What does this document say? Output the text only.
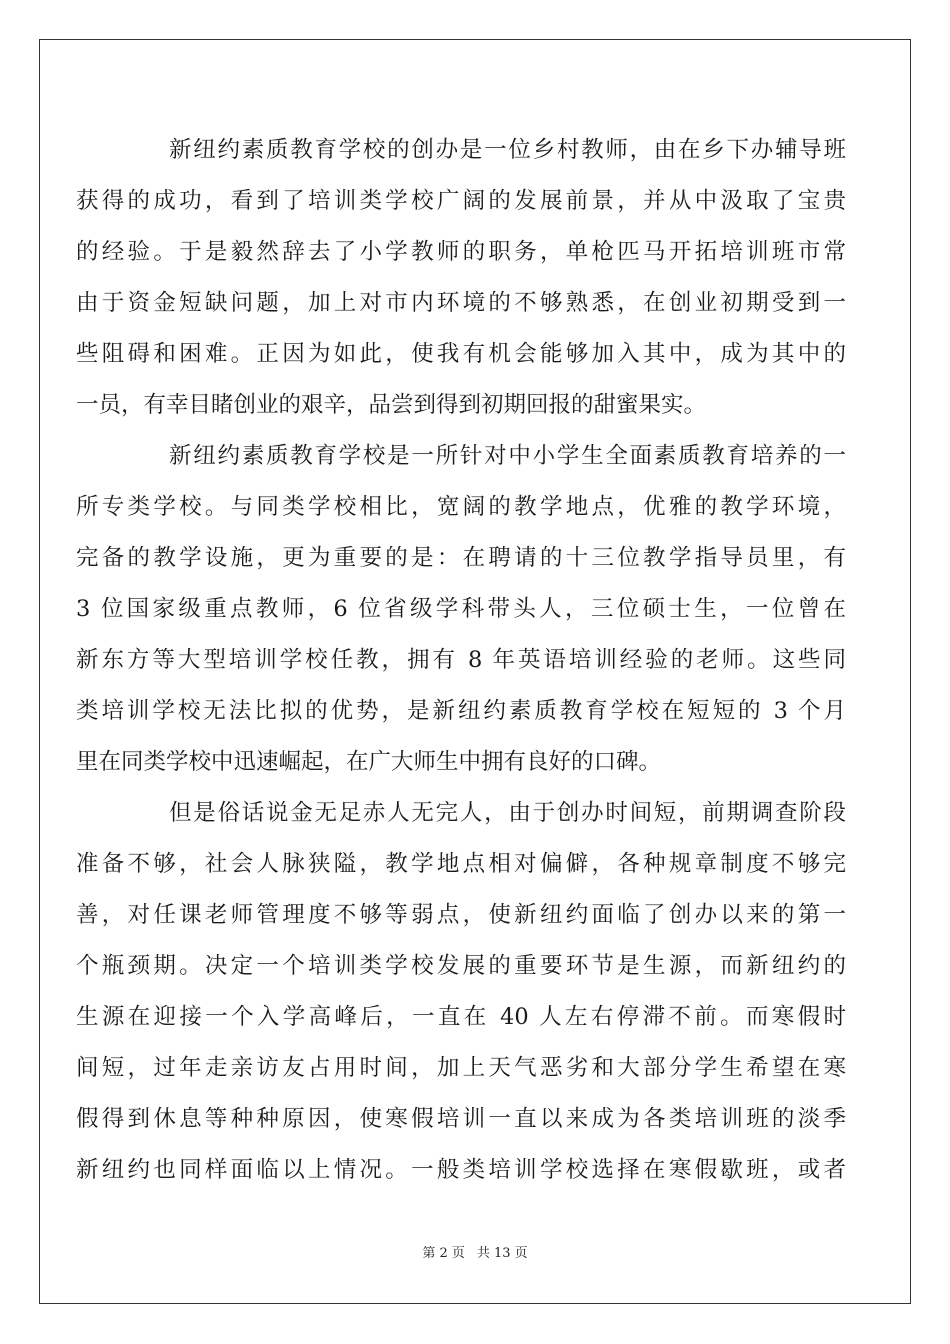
新纽约素质教育学校的创办是一位乡村教师，由在乡下办辅导班
获得的成功，看到了培训类学校广阔的发展前景，并从中汲取了宝贵
的经验。于是毅然辞去了小学教师的职务，单枪匹马开拓培训班市常
由于资金短缺问题，加上对市内环境的不够熟悉，在创业初期受到一
些阻碍和困难。正因为如此，使我有机会能够加入其中，成为其中的
一员，有幸目睹创业的艰辛，品尝到得到初期回报的甜蜜果实。
新纽约素质教育学校是一所针对中小学生全面素质教育培养的一
所专类学校。与同类学校相比，宽阔的教学地点，优雅的教学环境，
完备的教学设施，更为重要的是：在聘请的十三位教学指导员里，有
3 位国家级重点教师，6 位省级学科带头人，三位硕士生，一位曾在
新东方等大型培训学校任教，拥有 8 年英语培训经验的老师。这些同
类培训学校无法比拟的优势，是新纽约素质教育学校在短短的 3 个月
里在同类学校中迅速崛起，在广大师生中拥有良好的口碑。
但是俗话说金无足赤人无完人，由于创办时间短，前期调查阶段
准备不够，社会人脉狭隘，教学地点相对偏僻，各种规章制度不够完
善，对任课老师管理度不够等弱点，使新纽约面临了创办以来的第一
个瓶颈期。决定一个培训类学校发展的重要环节是生源，而新纽约的
生源在迎接一个入学高峰后，一直在 40 人左右停滞不前。而寒假时
间短，过年走亲访友占用时间，加上天气恶劣和大部分学生希望在寒
假得到休息等种种原因，使寒假培训一直以来成为各类培训班的淡季
新纽约也同样面临以上情况。一般类培训学校选择在寒假歇班，或者
第 2 页 共 13 页
